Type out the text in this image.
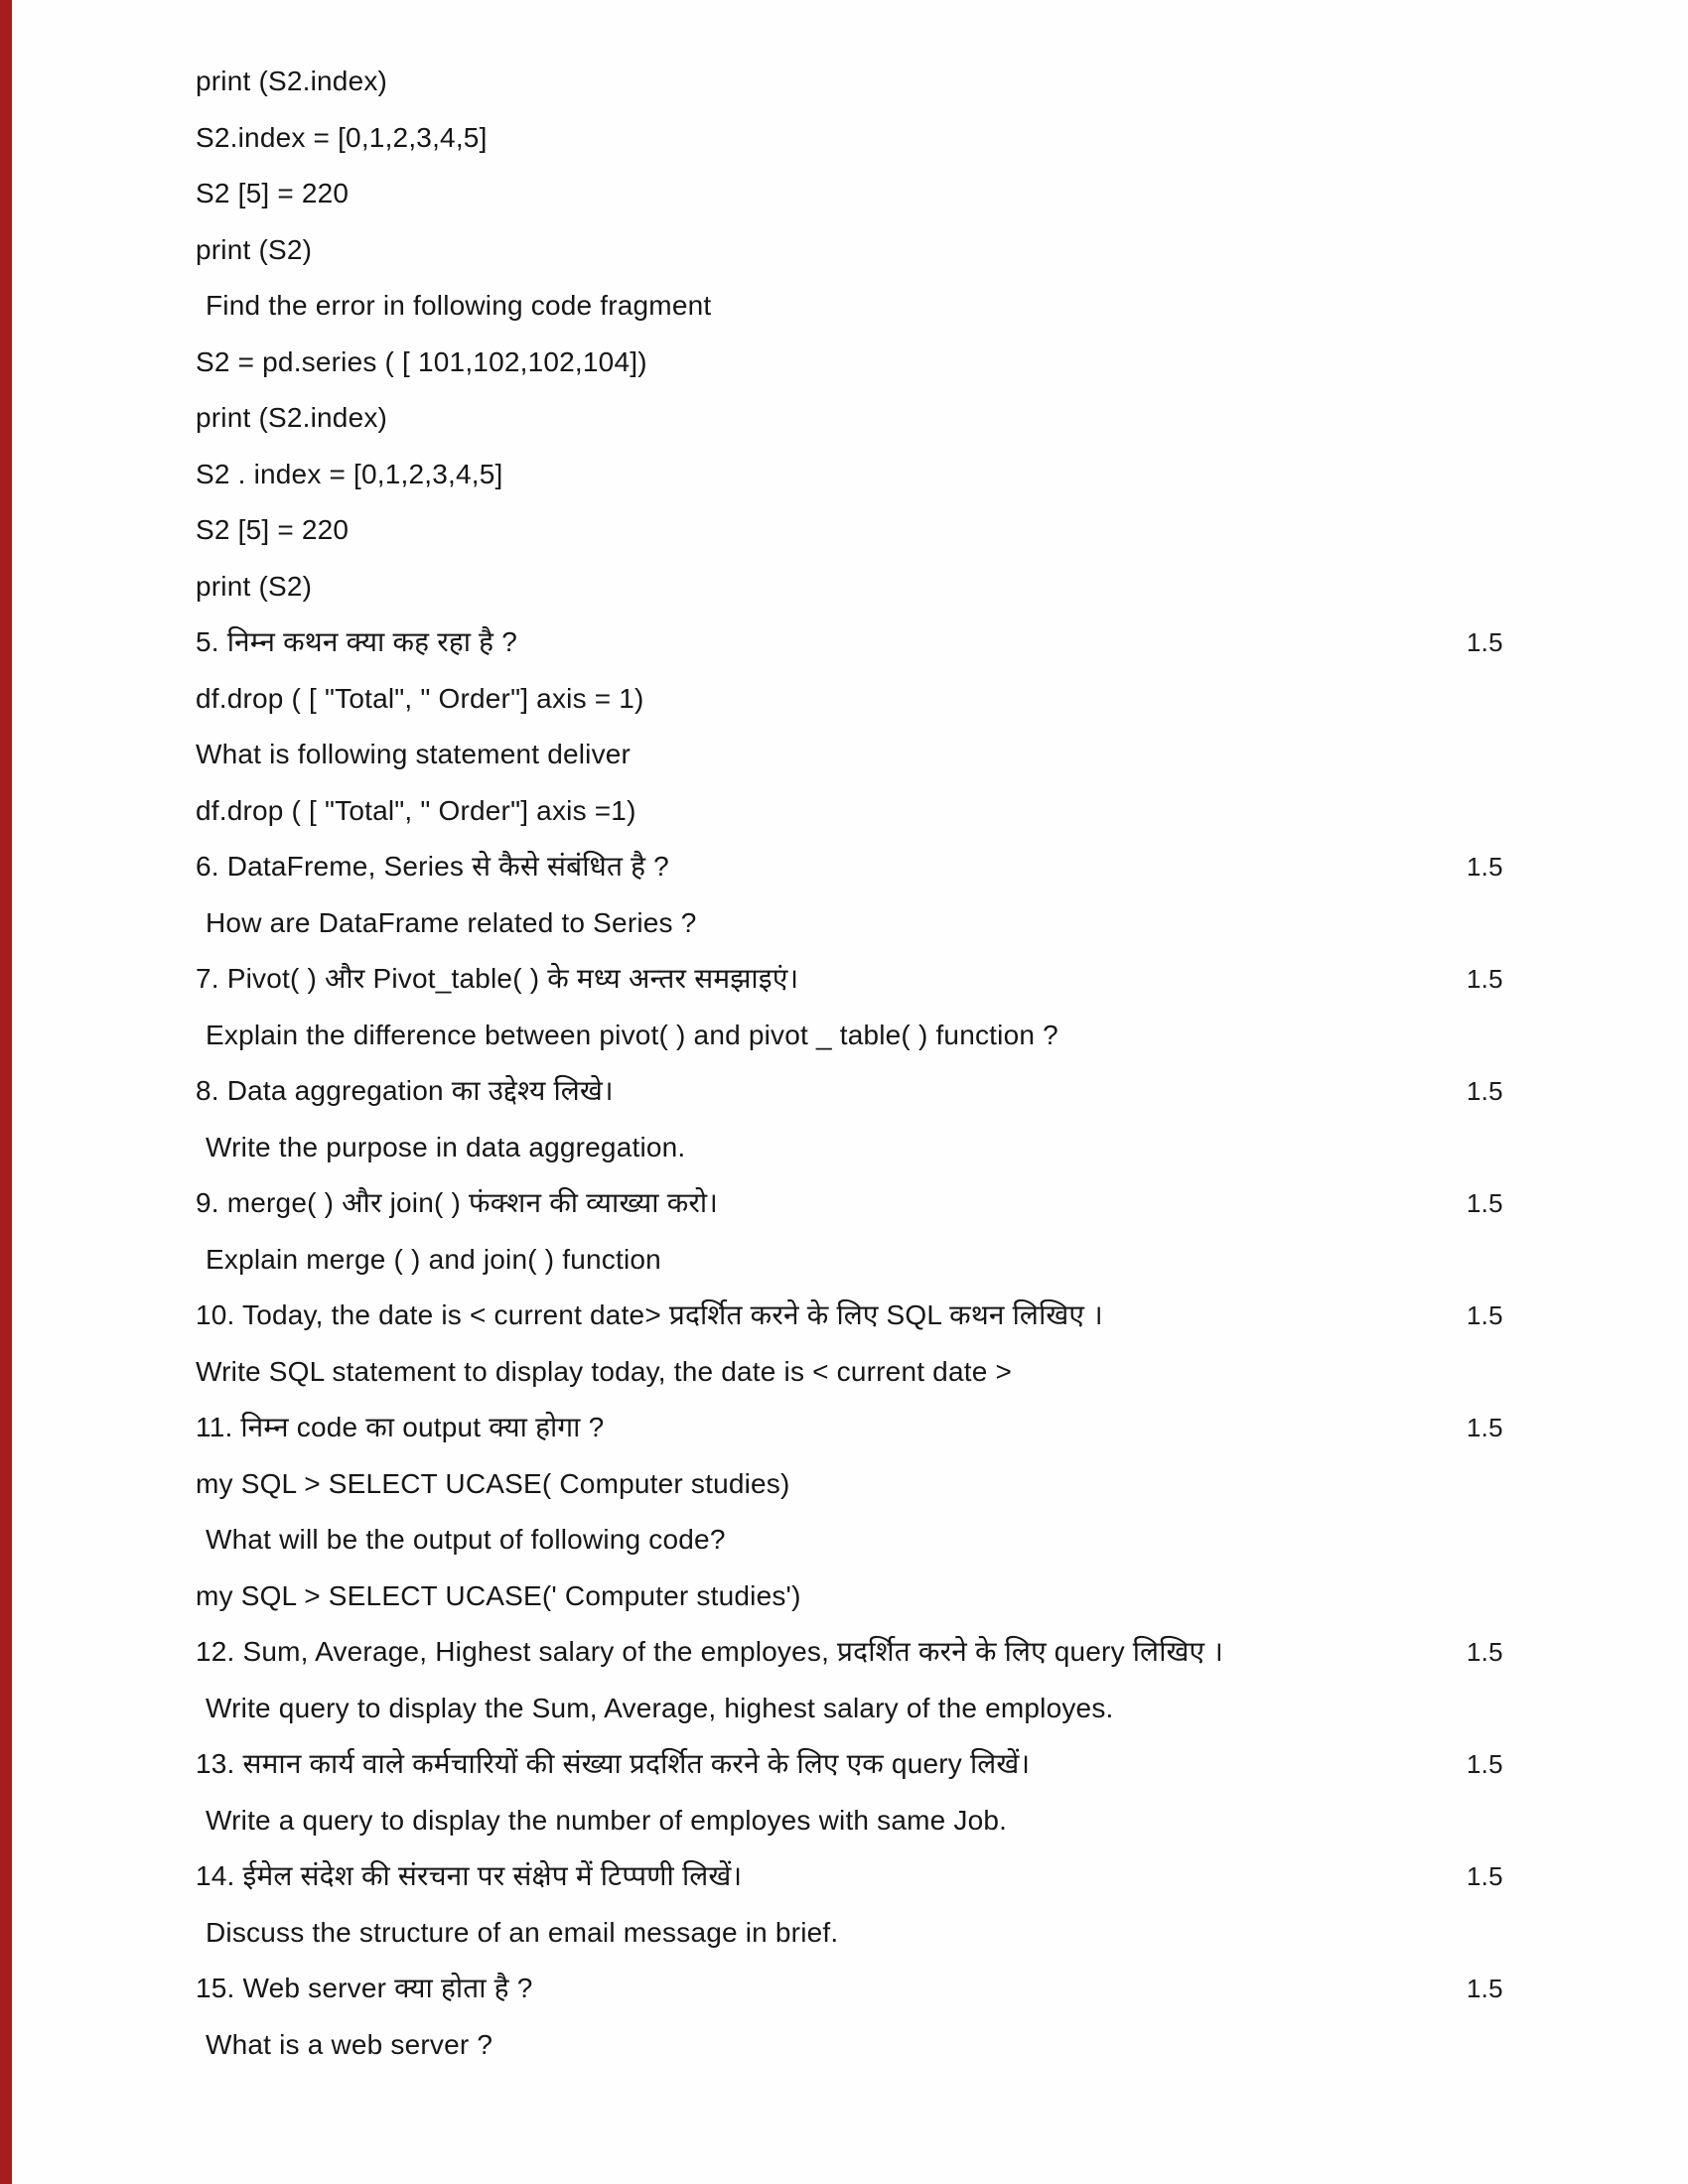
print (S2.index)
S2.index = [0,1,2,3,4,5]
S2 [5] = 220
print (S2)
Find the error in following code fragment
S2 = pd.series ( [ 101,102,102,104])
print (S2.index)
S2 . index = [0,1,2,3,4,5]
S2 [5] = 220
print (S2)
5. निम्न कथन क्या कह रहा है ?	1.5
df.drop ( [ "Total", " Order"] axis = 1)
What is following statement deliver
df.drop ( [ "Total", " Order"] axis =1)
6. DataFreme, Series से कैसे संबंधित है ?	1.5
How are DataFrame related to Series ?
7. Pivot( ) और Pivot_table( ) के मध्य अन्तर समझाइएं।	1.5
Explain the difference between pivot( ) and pivot _ table( ) function ?
8. Data aggregation का उद्देश्य लिखे।	1.5
Write the purpose in data aggregation.
9. merge( ) और join( ) फंक्शन की व्याख्या करो।	1.5
Explain merge ( ) and join( ) function
10. Today, the date is < current date> प्रदर्शित करने के लिए SQL कथन लिखिए ।	1.5
Write SQL statement to display today, the date is < current date >
11. निम्न code का output क्या होगा ?	1.5
my SQL > SELECT UCASE( Computer studies)
What will be the output of following code?
my SQL > SELECT UCASE(' Computer studies')
12. Sum, Average, Highest salary of the employes, प्रदर्शित करने के लिए query लिखिए ।	1.5
Write query to display the Sum, Average, highest salary of the employes.
13. समान कार्य वाले कर्मचारियों की संख्या प्रदर्शित करने के लिए एक query लिखें।	1.5
Write a query to display the number of employes with same Job.
14. ईमेल संदेश की संरचना पर संक्षेप में टिप्पणी लिखें।	1.5
Discuss the structure of an email message in brief.
15. Web server क्या होता है ?	1.5
What is a web server ?
